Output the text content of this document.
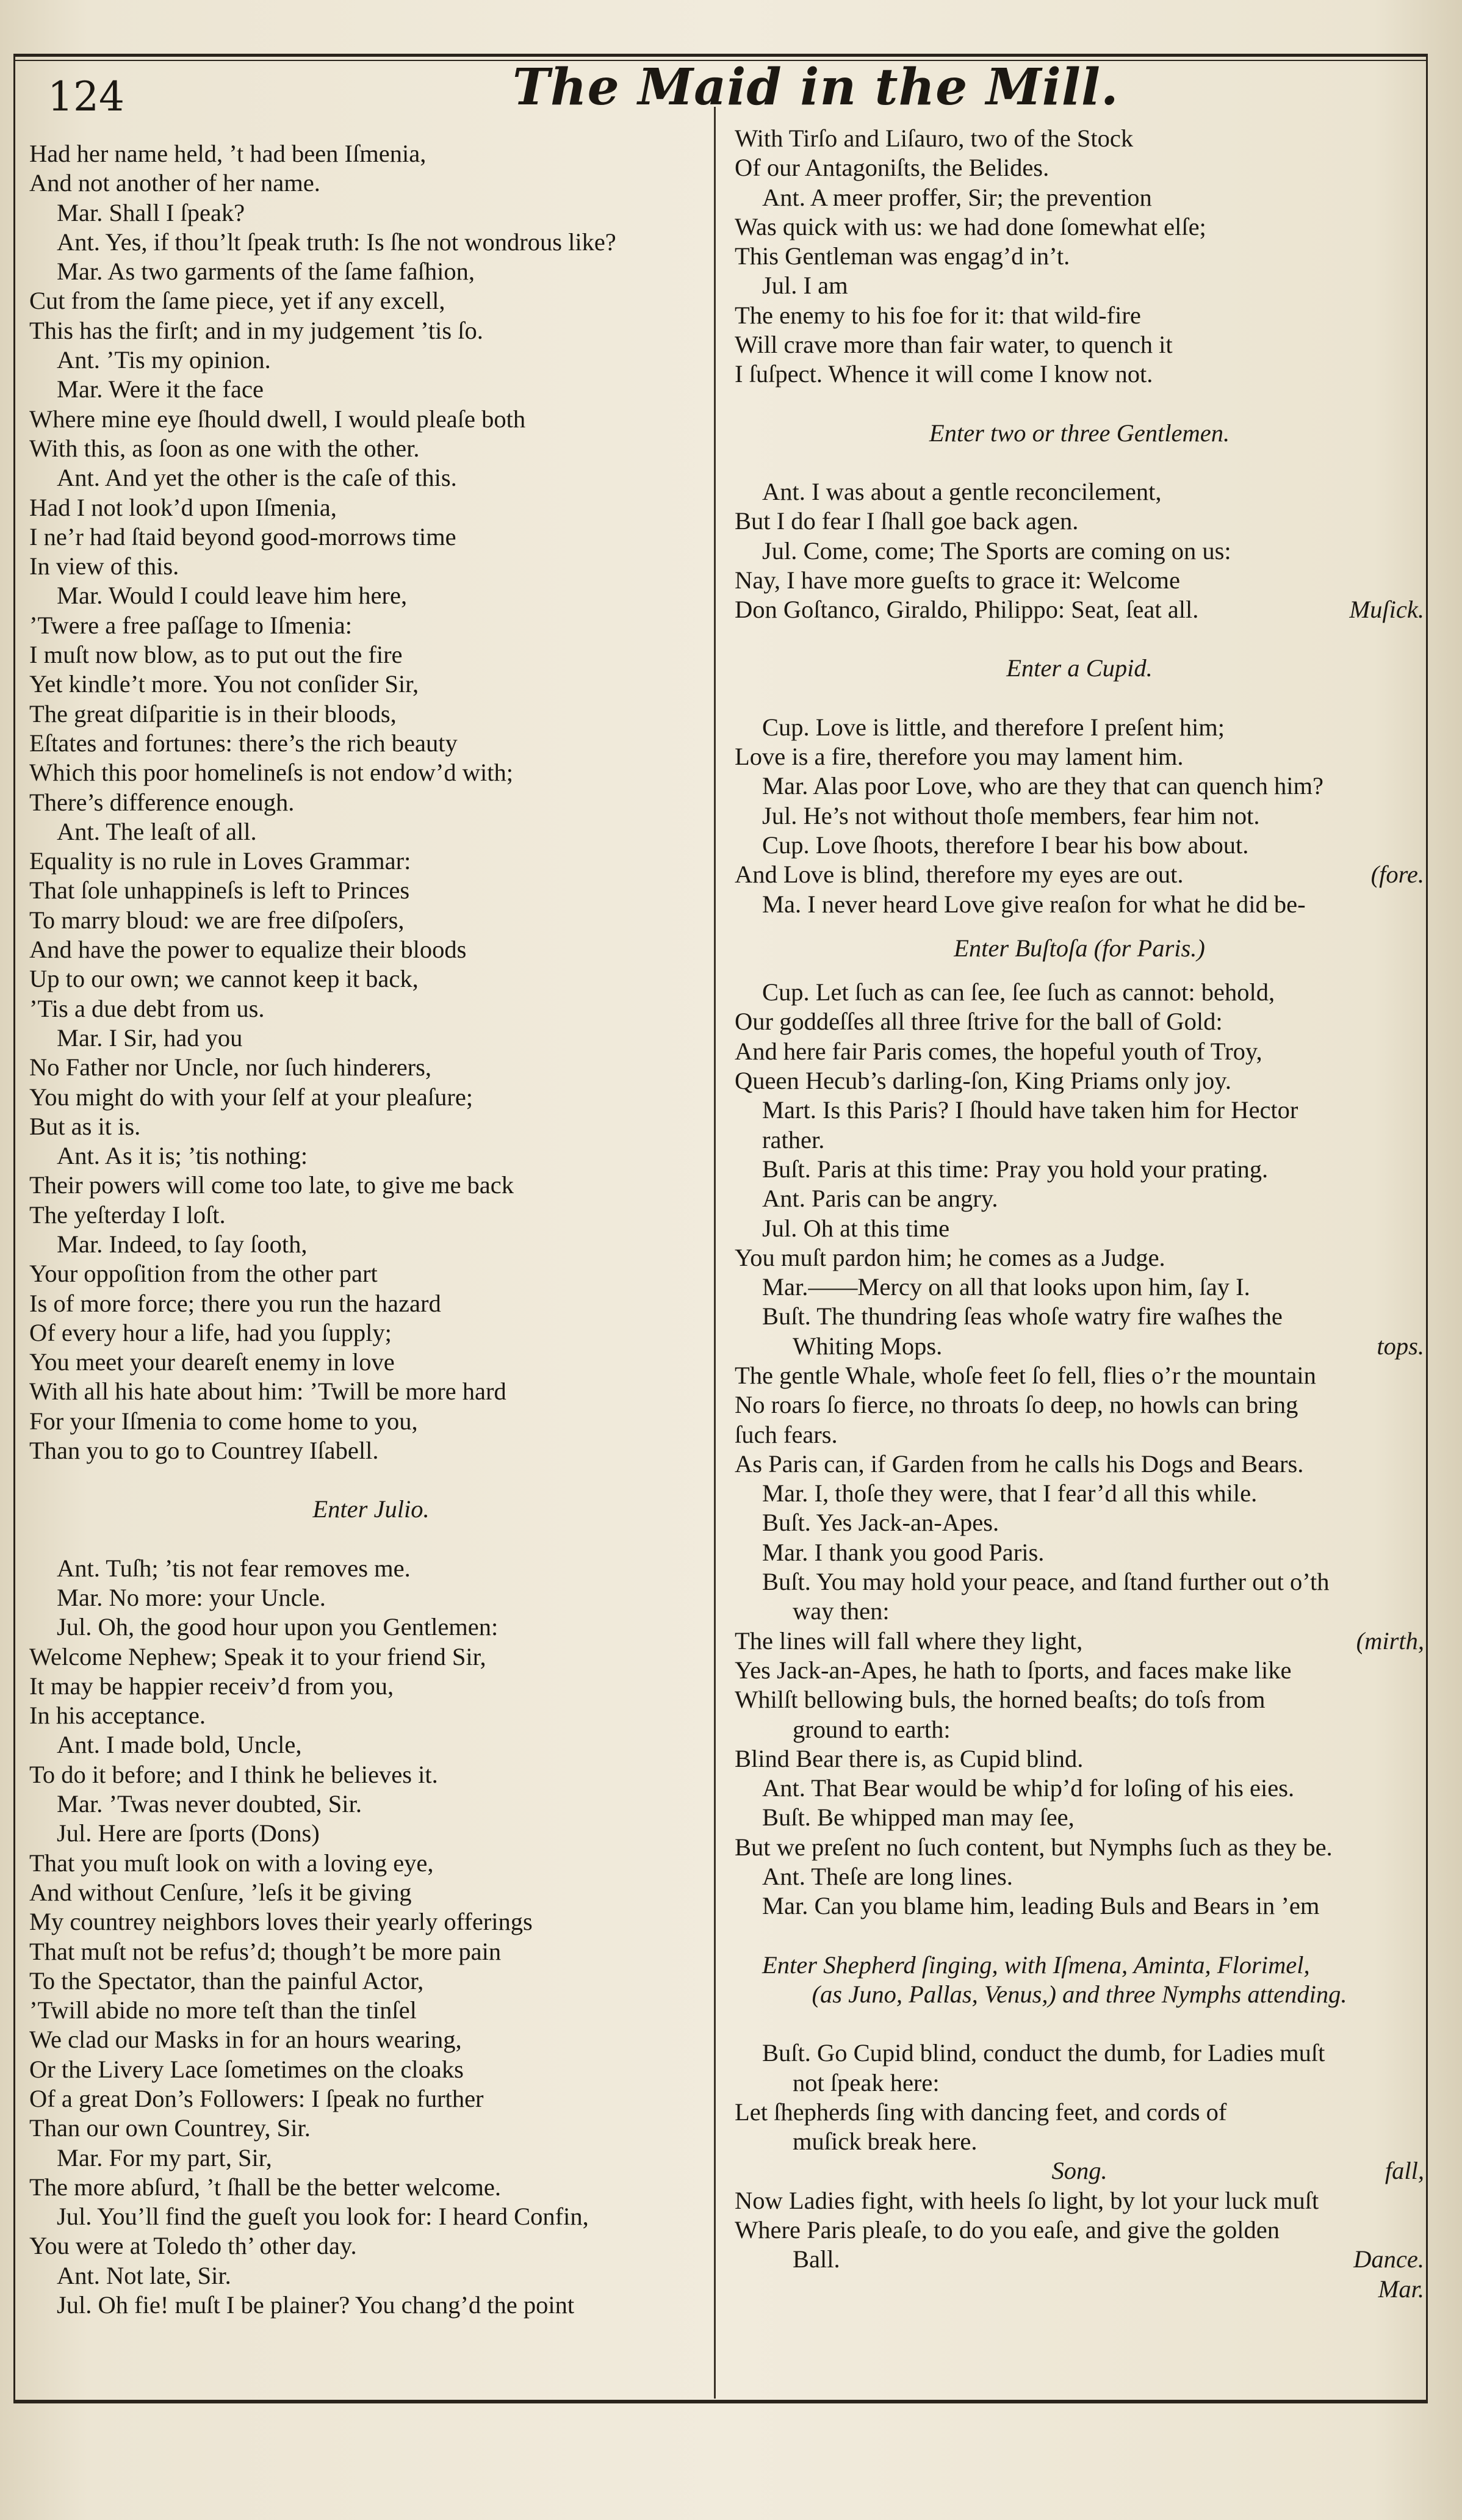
124	The Maid in the Mill.
Had her name held, ’t had been Iſmenia,
And not another of her name.
Mar. Shall I ſpeak?
Ant. Yes, if thou’lt ſpeak truth: Is ſhe not wondrous like?
Mar. As two garments of the ſame faſhion,
Cut from the ſame piece, yet if any excell,
This has the firſt; and in my judgement ’tis ſo.
Ant. ’Tis my opinion.
Mar. Were it the face
Where mine eye ſhould dwell, I would pleaſe both
With this, as ſoon as one with the other.
Ant. And yet the other is the caſe of this.
Had I not look’d upon Iſmenia,
I ne’r had ſtaid beyond good-morrows time
In view of this.
Mar. Would I could leave him here,
’Twere a free paſſage to Iſmenia:
I muſt now blow, as to put out the fire
Yet kindle’t more. You not conſider Sir,
The great diſparitie is in their bloods,
Eſtates and fortunes: there’s the rich beauty
Which this poor homelineſs is not endow’d with;
There’s difference enough.
Ant. The leaſt of all.
Equality is no rule in Loves Grammar:
That ſole unhappineſs is left to Princes
To marry bloud: we are free diſpoſers,
And have the power to equalize their bloods
Up to our own; we cannot keep it back,
’Tis a due debt from us.
Mar. I Sir, had you
No Father nor Uncle, nor ſuch hinderers,
You might do with your ſelf at your pleaſure;
But as it is.
Ant. As it is; ’tis nothing:
Their powers will come too late, to give me back
The yeſterday I loſt.
Mar. Indeed, to ſay ſooth,
Your oppoſition from the other part
Is of more force; there you run the hazard
Of every hour a life, had you ſupply;
You meet your deareſt enemy in love
With all his hate about him: ’Twill be more hard
For your Iſmenia to come home to you,
Than you to go to Countrey Iſabell.
Enter Julio.
Ant. Tuſh; ’tis not fear removes me.
Mar. No more: your Uncle.
Jul. Oh, the good hour upon you Gentlemen:
Welcome Nephew; Speak it to your friend Sir,
It may be happier receiv’d from you,
In his acceptance.
Ant. I made bold, Uncle,
To do it before; and I think he believes it.
Mar. ’Twas never doubted, Sir.
Jul. Here are ſports (Dons)
That you muſt look on with a loving eye,
And without Cenſure, ’leſs it be giving
My countrey neighbors loves their yearly offerings
That muſt not be refus’d; though’t be more pain
To the Spectator, than the painful Actor,
’Twill abide no more teſt than the tinſel
We clad our Masks in for an hours wearing,
Or the Livery Lace ſometimes on the cloaks
Of a great Don’s Followers: I ſpeak no further
Than our own Countrey, Sir.
Mar. For my part, Sir,
The more abſurd, ’t ſhall be the better welcome.
Jul. You’ll find the gueſt you look for: I heard Confin,
You were at Toledo th’ other day.
Ant. Not late, Sir.
Jul. Oh fie! muſt I be plainer? You chang’d the point
With Tirſo and Liſauro, two of the Stock
Of our Antagoniſts, the Belides.
Ant. A meer proffer, Sir; the prevention
Was quick with us: we had done ſomewhat elſe;
This Gentleman was engag’d in’t.
Jul. I am
The enemy to his foe for it: that wild-fire
Will crave more than fair water, to quench it
I ſuſpect. Whence it will come I know not.
Enter two or three Gentlemen.
Ant. I was about a gentle reconcilement,
But I do fear I ſhall goe back agen.
Jul. Come, come; The Sports are coming on us:
Nay, I have more gueſts to grace it: Welcome
Don Goſtanco, Giraldo, Philippo: Seat, ſeat all.	Muſick.
Enter a Cupid.
Cup. Love is little, and therefore I preſent him;
Love is a fire, therefore you may lament him.
Mar. Alas poor Love, who are they that can quench him?
Jul. He’s not without thoſe members, fear him not.
Cup. Love ſhoots, therefore I bear his bow about.
And Love is blind, therefore my eyes are out.	(fore.
Ma. I never heard Love give reaſon for what he did be-
Enter Buſtoſa (for Paris.)
Cup. Let ſuch as can ſee, ſee ſuch as cannot: behold,
Our goddeſſes all three ſtrive for the ball of Gold:
And here fair Paris comes, the hopeful youth of Troy,
Queen Hecub’s darling-ſon, King Priams only joy.
Mart. Is this Paris? I ſhould have taken him for Hector
rather.
Buſt. Paris at this time: Pray you hold your prating.
Ant. Paris can be angry.
Jul. Oh at this time
You muſt pardon him; he comes as a Judge.
Mar.——Mercy on all that looks upon him, ſay I.
Buſt. The thundring ſeas whoſe watry fire waſhes the
Whiting Mops.	tops.
The gentle Whale, whoſe feet ſo fell, flies o’r the mountain
No roars ſo fierce, no throats ſo deep, no howls can bring
ſuch fears.
As Paris can, if Garden from he calls his Dogs and Bears.
Mar. I, thoſe they were, that I fear’d all this while.
Buſt. Yes Jack-an-Apes.
Mar. I thank you good Paris.
Buſt. You may hold your peace, and ſtand further out o’th
way then:
The lines will fall where they light,	(mirth,
Yes Jack-an-Apes, he hath to ſports, and faces make like
Whilſt bellowing buls, the horned beaſts; do toſs from
ground to earth:
Blind Bear there is, as Cupid blind.
Ant. That Bear would be whip’d for loſing of his eies.
Buſt. Be whipped man may ſee,
But we preſent no ſuch content, but Nymphs ſuch as they be.
Ant. Theſe are long lines.
Mar. Can you blame him, leading Buls and Bears in ’em
Enter Shepherd ſinging, with Iſmena, Aminta, Florimel,
(as Juno, Pallas, Venus,) and three Nymphs attending.
Buſt. Go Cupid blind, conduct the dumb, for Ladies muſt
not ſpeak here:
Let ſhepherds ſing with dancing feet, and cords of
muſick break here.
Song.	fall,
Now Ladies fight, with heels ſo light, by lot your luck muſt
Where Paris pleaſe, to do you eaſe, and give the golden
Ball.	Dance.
Mar.
